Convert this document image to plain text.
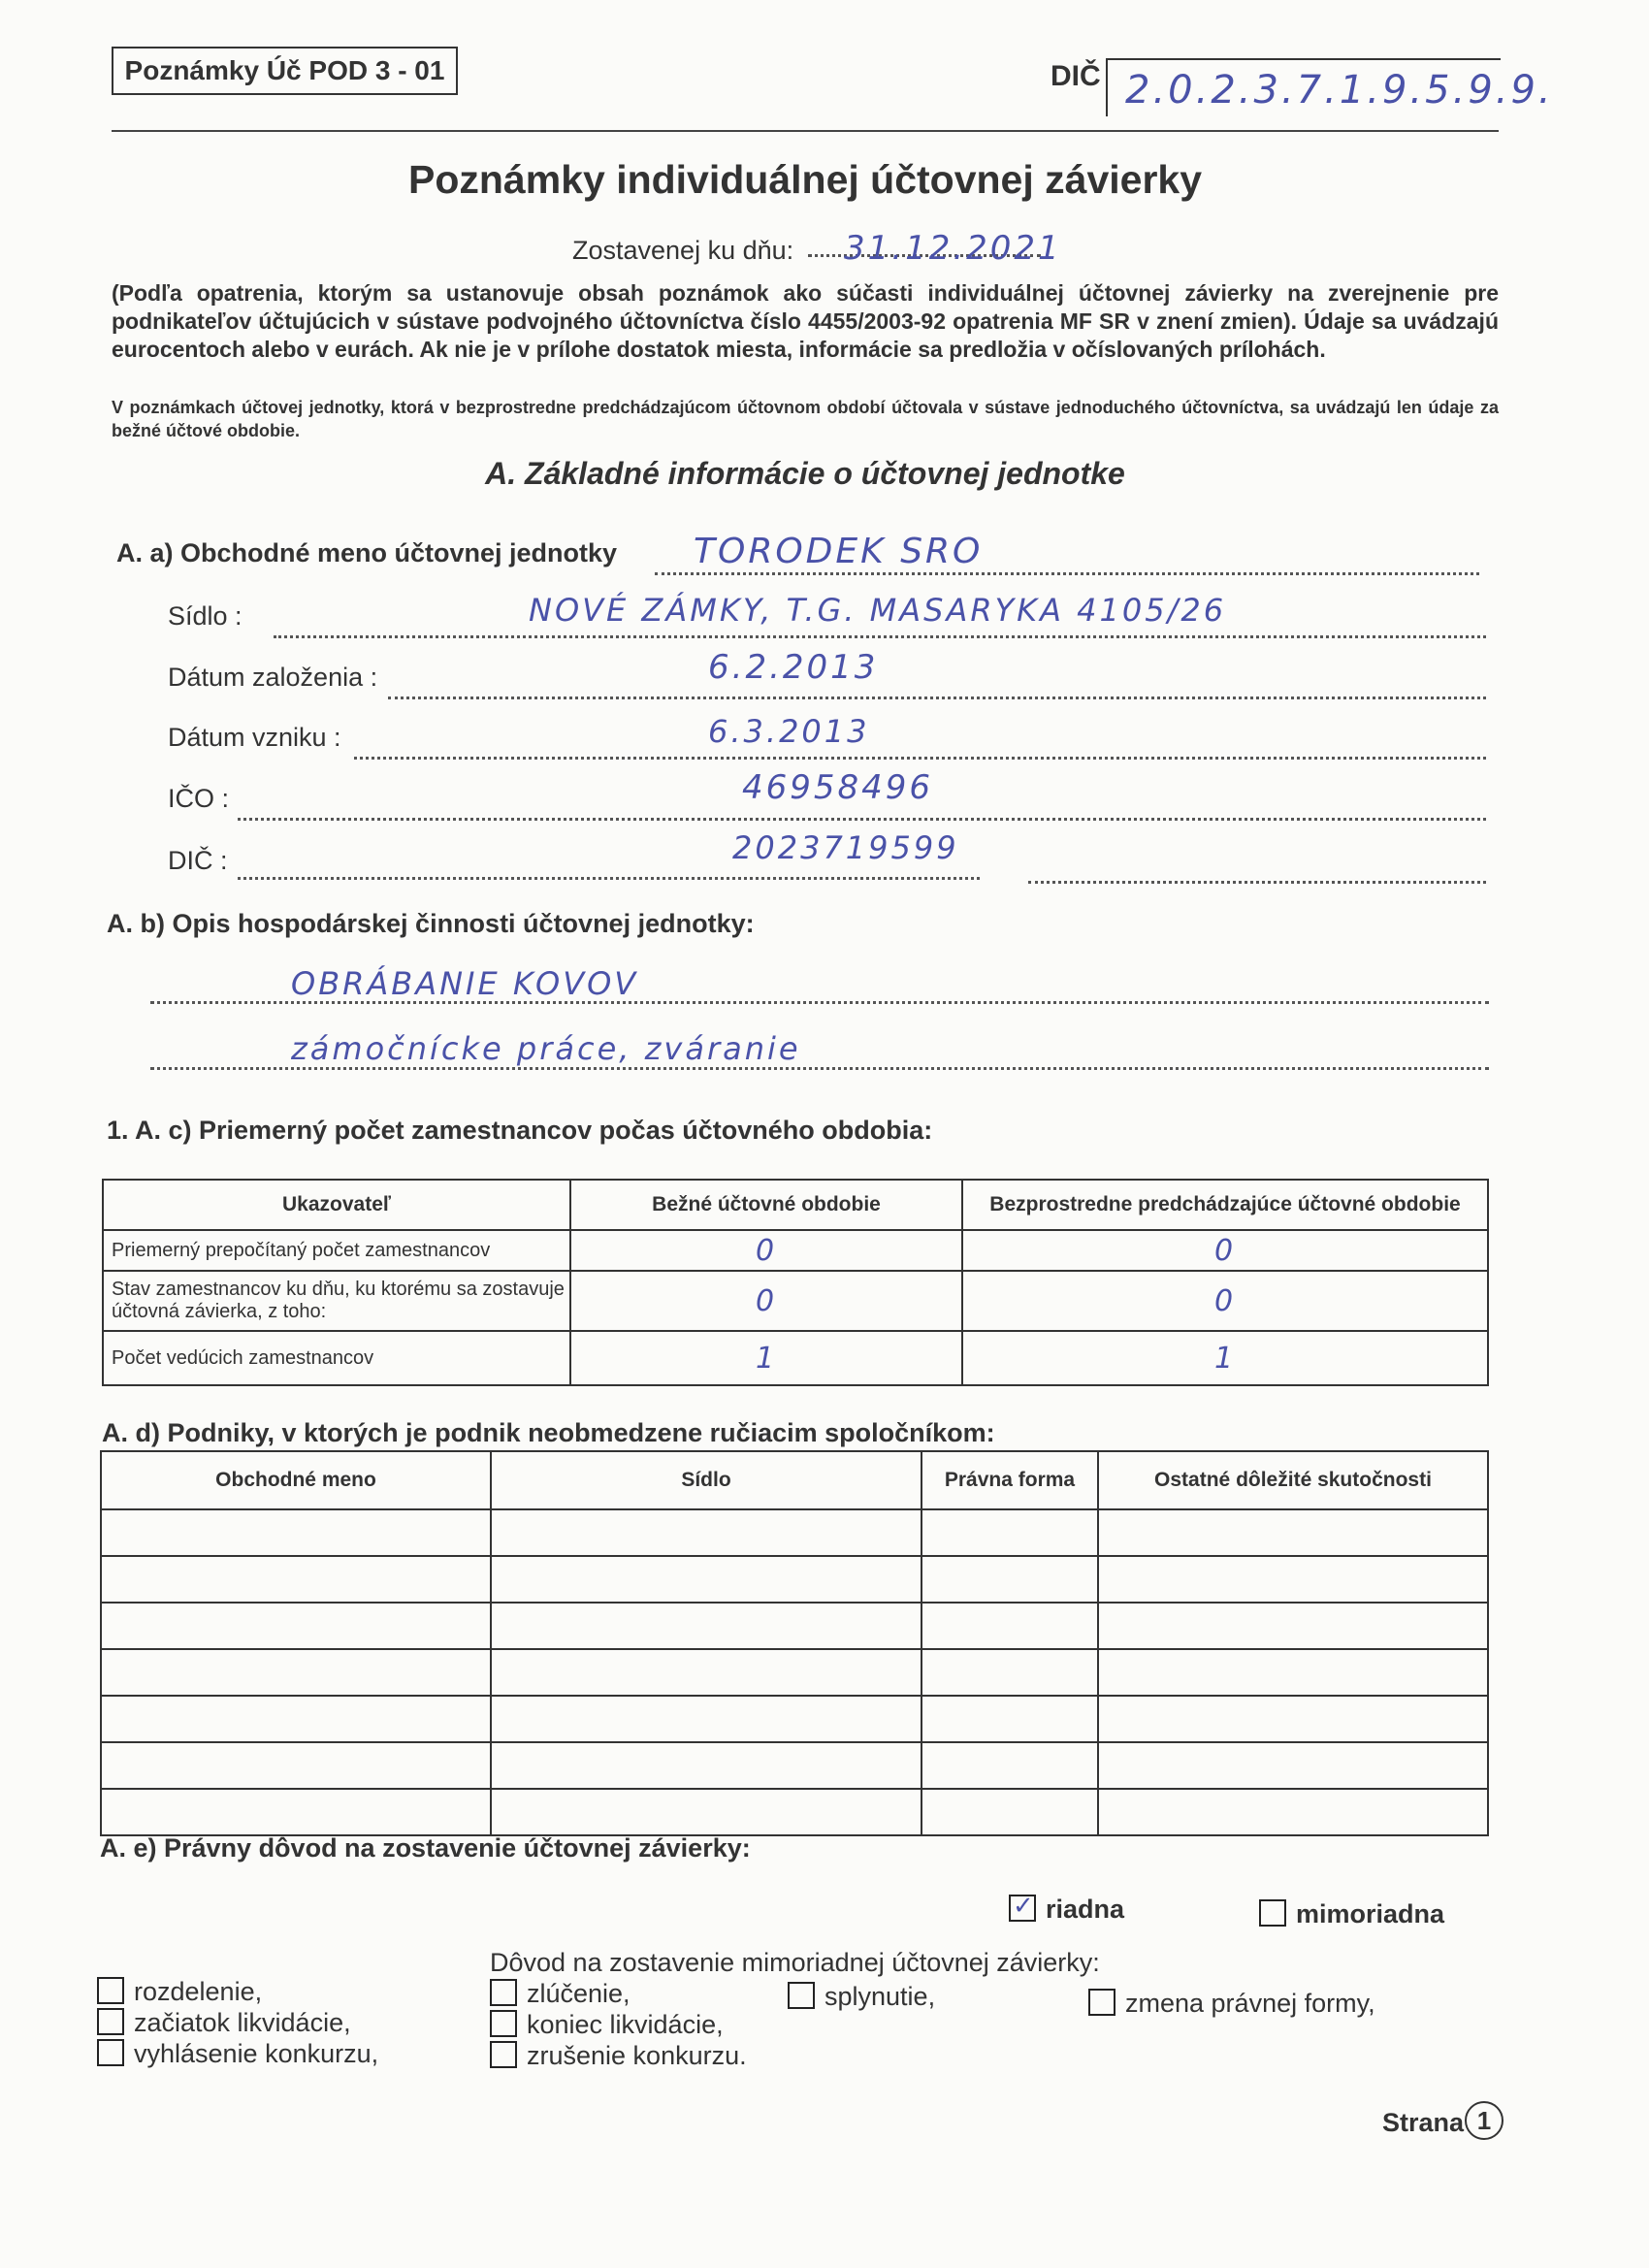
Poznámky Úč POD 3 - 01	DIČ 2.0.2.3.7.1.9.5.9.9.
Poznámky individuálnej účtovnej závierky
Zostavenej ku dňu: 31.12.2021
(Podľa opatrenia, ktorým sa ustanovuje obsah poznámok ako súčasti individuálnej účtovnej závierky na zverejnenie pre podnikateľov účtujúcich v sústave podvojného účtovníctva číslo 4455/2003-92 opatrenia MF SR v znení zmien). Údaje sa uvádzajú eurocentoch alebo v eurách. Ak nie je v prílohe dostatok miesta, informácie sa predložia v očíslovaných prílohách.
V poznámkach účtovej jednotky, ktorá v bezprostredne predchádzajúcom účtovnom období účtovala v sústave jednoduchého účtovníctva, sa uvádzajú len údaje za bežné účtové obdobie.
A. Základné informácie o účtovnej jednotke
A. a) Obchodné meno účtovnej jednotky TORODEK SRO
Sídlo :	NOVÉ ZÁMKY, T.G. MASARYKA 4105/26
Dátum založenia :	6.2.2013
Dátum vzniku :	6.3.2013
IČO :	46958496
DIČ :	2023719599
A. b) Opis hospodárskej činnosti účtovnej jednotky:
OBRÁBANIE KOVOV
zámočnícke práce, zváranie
1. A. c) Priemerný počet zamestnancov počas účtovného obdobia:
Ukazovateľ	Bežné účtovné obdobie	Bezprostredne predchádzajúce účtovné obdobie
Priemerný prepočítaný počet zamestnancov	0	0
Stav zamestnancov ku dňu, ku ktorému sa zostavuje účtovná závierka, z toho:	0	0
Počet vedúcich zamestnancov	1	1
A. d) Podniky, v ktorých je podnik neobmedzene ručiacim spoločníkom:
Obchodné meno	Sídlo	Právna forma	Ostatné dôležité skutočnosti

A. e) Právny dôvod na zostavenie účtovnej závierky:
✓riadna	mimoriadna
Dôvod na zostavenie mimoriadnej účtovnej závierky:
rozdelenie,
začiatok likvidácie,
vyhlásenie konkurzu,
zlúčenie,
koniec likvidácie,
zrušenie konkurzu.
splynutie,	zmena právnej formy,
Strana 1
